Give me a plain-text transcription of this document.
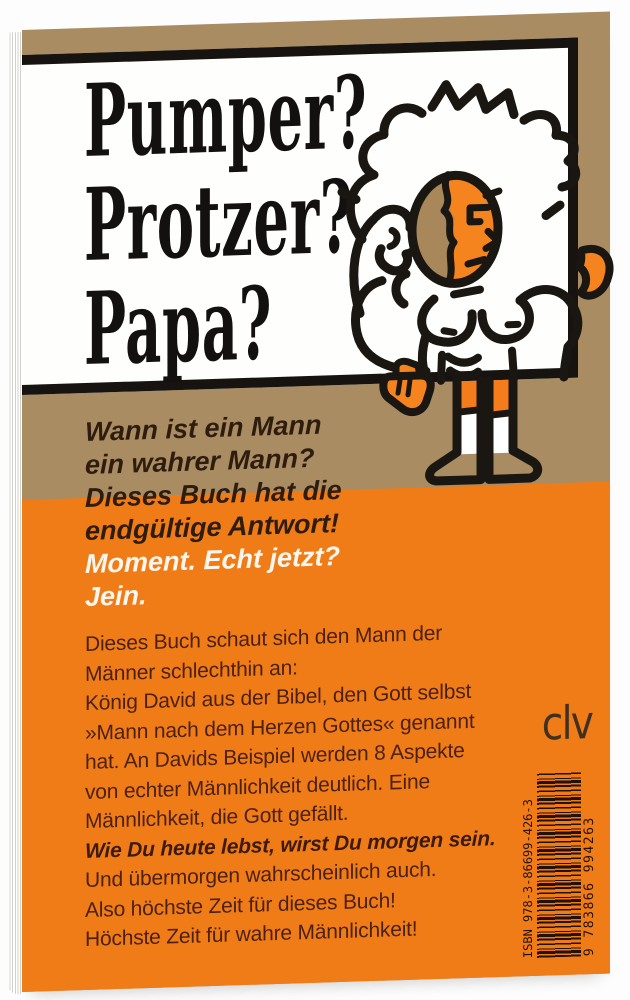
Pumper?
Protzer?
Papa?
Wann ist ein Mann
ein wahrer Mann?
Dieses Buch hat die
endgültige Antwort!
Moment. Echt jetzt?
Jein.
Dieses Buch schaut sich den Mann der
Männer schlechthin an:
König David aus der Bibel, den Gott selbst
»Mann nach dem Herzen Gottes« genannt
hat. An Davids Beispiel werden 8 Aspekte
von echter Männlichkeit deutlich. Eine
Männlichkeit, die Gott gefällt.
Wie Du heute lebst, wirst Du morgen sein.
Und übermorgen wahrscheinlich auch.
Also höchste Zeit für dieses Buch!
Höchste Zeit für wahre Männlichkeit!
clv
ISBN 978-3-86699-426-3	9 783866 994263
